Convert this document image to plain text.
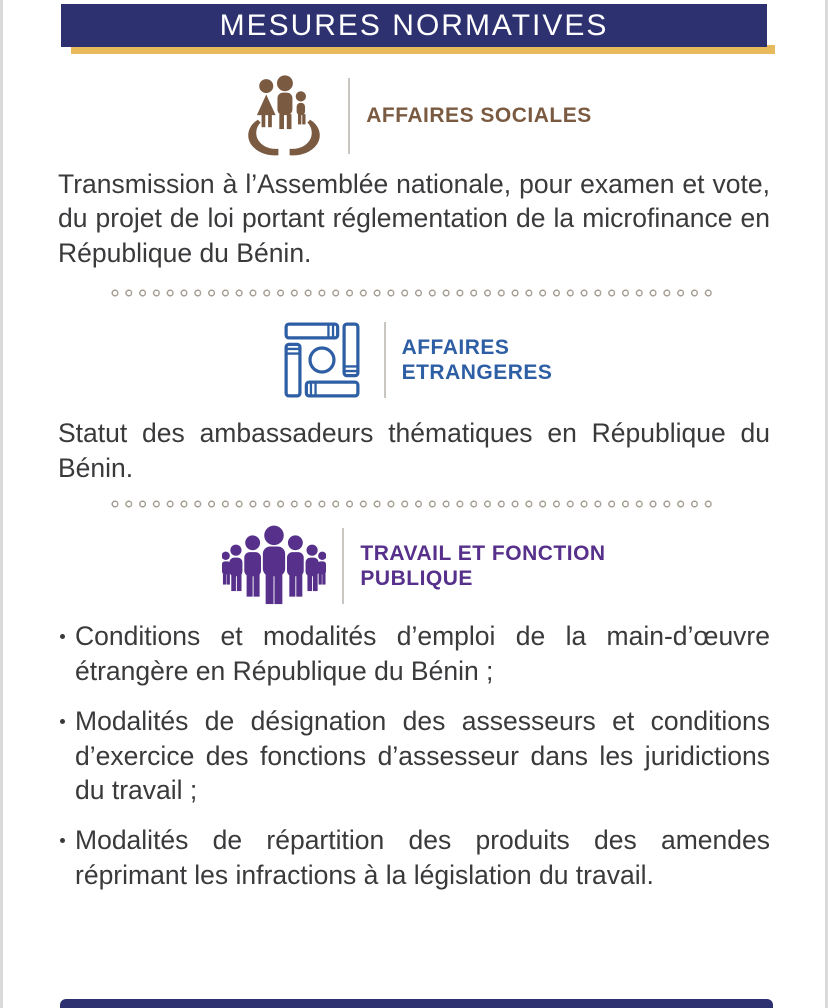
MESURES NORMATIVES
AFFAIRES SOCIALES

Transmission à l’Assemblée nationale, pour examen et vote, du projet de loi portant réglementation de la microfinance en République du Bénin.

AFFAIRES
ETRANGERES

Statut des ambassadeurs thématiques en République du Bénin.

TRAVAIL ET FONCTION
PUBLIQUE
Conditions et modalités d’emploi de la main-d’œuvre étrangère en République du Bénin ;
Modalités de désignation des assesseurs et conditions d’exercice des fonctions d’assesseur dans les juridictions du travail ;
Modalités de répartition des produits des amendes réprimant les infractions à la législation du travail.
